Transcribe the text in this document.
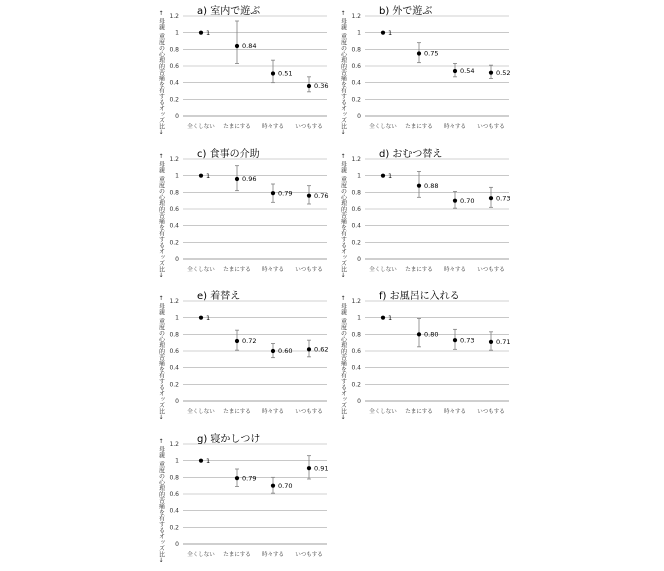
↑
母親
重度の心理的苦痛を有するオッズ比
↓
0
0.2
0.4
0.6
0.8
1
1.2
全くしない たまにする 時々する いつもする
1
0.84
0.51
0.36
a) 室内で遊ぶ	↑
母親
重度の心理的苦痛を有するオッズ比
↓
0
0.2
0.4
0.6
0.8
1
1.2
全くしない たまにする 時々する いつもする
1
0.75
0.54	0.52
b) 外で遊ぶ
↑
母親
重度の心理的苦痛を有するオッズ比
↓
0
0.2
0.4
0.6
0.8
1
1.2
全くしない たまにする 時々する いつもする
1	0.96
0.79	0.76
c) 食事の介助	↑
母親
重度の心理的苦痛を有するオッズ比
↓
0
0.2
0.4
0.6
0.8
1
1.2
全くしない たまにする 時々する いつもする
1
0.88
0.70	0.73
d) おむつ替え
↑
母親
重度の心理的苦痛を有するオッズ比
↓
0
0.2
0.4
0.6
0.8
1
1.2
全くしない たまにする 時々する いつもする
1
0.72
0.60	0.62
e) 着替え	↑
母親
重度の心理的苦痛を有するオッズ比
↓
0
0.2
0.4
0.6
0.8
1
1.2
全くしない たまにする 時々する いつもする
1
0.80
0.73	0.71
f) お風呂に入れる
↑
母親
重度の心理的苦痛を有するオッズ比
↓
0
0.2
0.4
0.6
0.8
1
1.2
全くしない たまにする 時々する いつもする
1
0.79
0.70
0.91
g) 寝かしつけ
